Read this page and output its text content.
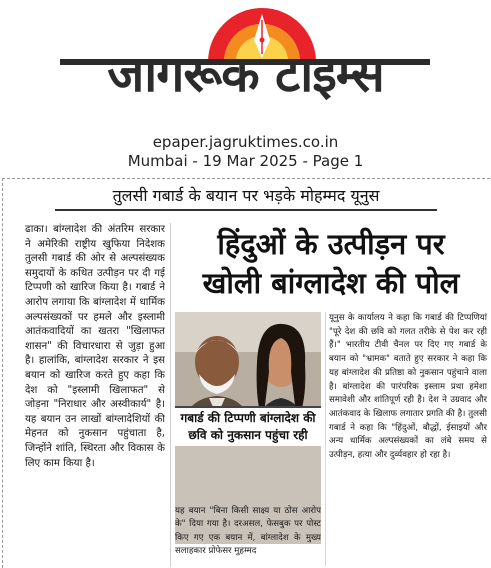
जागरूक टाइम्स
epaper.jagruktimes.co.in
Mumbai - 19 Mar 2025 - Page 1
तुलसी गबार्ड के बयान पर भड़के मोहम्मद यूनुस
ढाका। बांग्लादेश की अंतरिम सरकार ने अमेरिकी राष्ट्रीय खुफिया निदेशक तुलसी गबार्ड की ओर से अल्पसंख्यक समुदायों के कथित उत्पीड़न पर दी गई टिप्पणी को खारिज किया है। गबार्ड ने आरोप लगाया कि बांग्लादेश में धार्मिक अल्पसंख्यकों पर हमले और इस्लामी आतंकवादियों का खतरा "खिलाफत शासन" की विचारधारा से जुड़ा हुआ है। हालांकि, बांग्लादेश सरकार ने इस बयान को खारिज करते हुए कहा कि देश को "इस्लामी खिलाफत" से जोड़ना "निराधार और अस्वीकार्य" है। यह बयान उन लाखों बांग्लादेशियों की मेहनत को नुकसान पहुंचाता है, जिन्होंने शांति, स्थिरता और विकास के लिए काम किया है।
हिंदुओं के उत्पीड़न पर
खोली बांग्लादेश की पोल
गबार्ड की टिप्पणी बांग्लादेश की छवि को नुकसान पहुंचा रही
यह बयान "बिना किसी साक्ष्य या ठोस आरोप के" दिया गया है। दरअसल, फेसबुक पर पोस्ट किए गए एक बयान में, बांग्लादेश के मुख्य सलाहकार प्रोफेसर मुहम्मद
यूनुस के कार्यालय ने कहा कि गबार्ड की टिप्पणियां "पूरे देश की छवि को गलत तरीके से पेश कर रही हैं।" भारतीय टीवी चैनल पर दिए गए गबार्ड के बयान को "भ्रामक" बताते हुए सरकार ने कहा कि यह बांग्लादेश की प्रतिष्ठा को नुकसान पहुंचाने वाला है। बांग्लादेश की पारंपरिक इस्लाम प्रथा हमेशा समावेशी और शांतिपूर्ण रही है। देश ने उग्रवाद और आतंकवाद के खिलाफ लगातार प्रगति की है। तुलसी गबार्ड ने कहा कि "हिंदुओं, बौद्धों, ईसाइयों और अन्य धार्मिक अल्पसंख्यकों का लंबे समय से उत्पीड़न, हत्या और दुर्व्यवहार हो रहा है।
